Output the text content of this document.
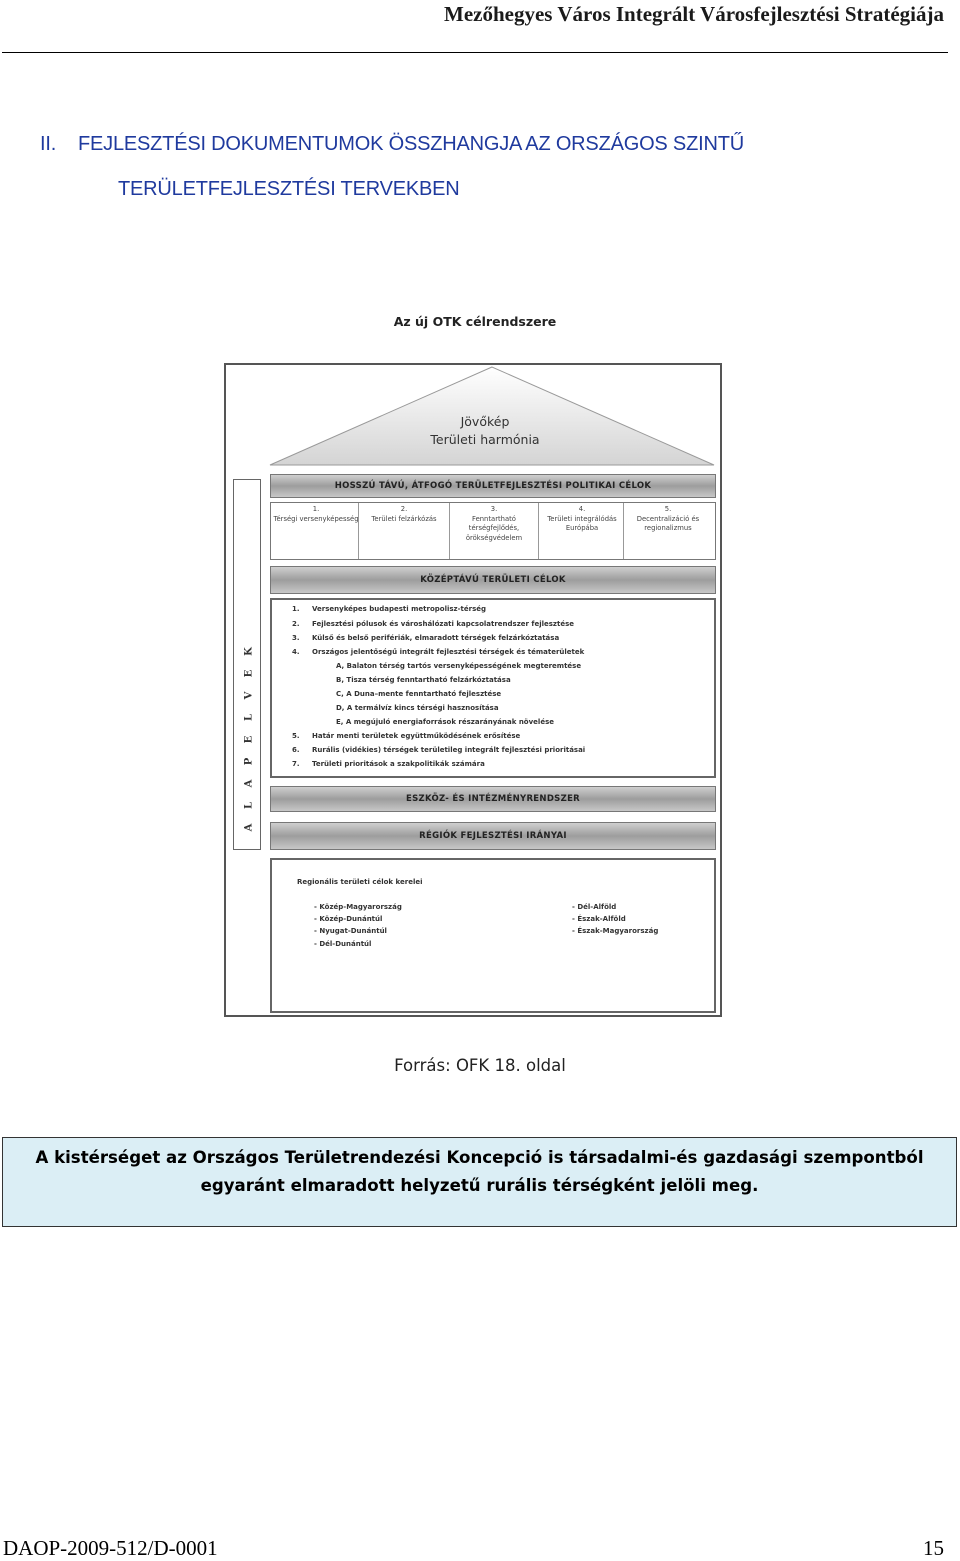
Mezőhegyes Város Integrált Városfejlesztési Stratégiája
II. FEJLESZTÉSI DOKUMENTUMOK ÖSSZHANGJA AZ ORSZÁGOS SZINTŰ
TERÜLETFEJLESZTÉSI TERVEKBEN
Az új OTK célrendszere
Jövőkép
Területi harmónia
A
L
A
P
E
L
V
E
K
HOSSZÚ TÁVÚ, ÁTFOGÓ TERÜLETFEJLESZTÉSI POLITIKAI CÉLOK
1.
Térségi versenyképesség
2.
Területi felzárkózás
3.
Fenntartható térségfejlődés, örökségvédelem
4.
Területi integrálódás Európába
5.
Decentralizáció és regionalizmus
KÖZÉPTÁVÚ TERÜLETI CÉLOK
1. Versenyképes budapesti metropolisz-térség
2. Fejlesztési pólusok és városhálózati kapcsolatrendszer fejlesztése
3. Külső és belső perifériák, elmaradott térségek felzárkóztatása
4. Országos jelentőségű integrált fejlesztési térségek és tématerületek
A, Balaton térség tartós versenyképességének megteremtése
B, Tisza térség fenntartható felzárkóztatása
C, A Duna–mente fenntartható fejlesztése
D, A termálvíz kincs térségi hasznosítása
E, A megújuló energiaforrások részarányának növelése
5. Határ menti területek együttműködésének erősítése
6. Rurális (vidékies) térségek területileg integrált fejlesztési prioritásai
7. Területi prioritások a szakpolitikák számára
ESZKÖZ- ÉS INTÉZMÉNYRENDSZER
RÉGIÓK FEJLESZTÉSI IRÁNYAI
Regionális területi célok kerelei
- Közép-Magyarország
- Közép-Dunántúl
- Nyugat-Dunántúl
- Dél-Dunántúl
- Dél-Alföld
- Észak-Alföld
- Észak-Magyarország
Forrás: OFK 18. oldal
A kistérséget az Országos Területrendezési Koncepció is társadalmi-és gazdasági szempontból
egyaránt elmaradott helyzetű rurális térségként jelöli meg.
DAOP-2009-512/D-0001	15
